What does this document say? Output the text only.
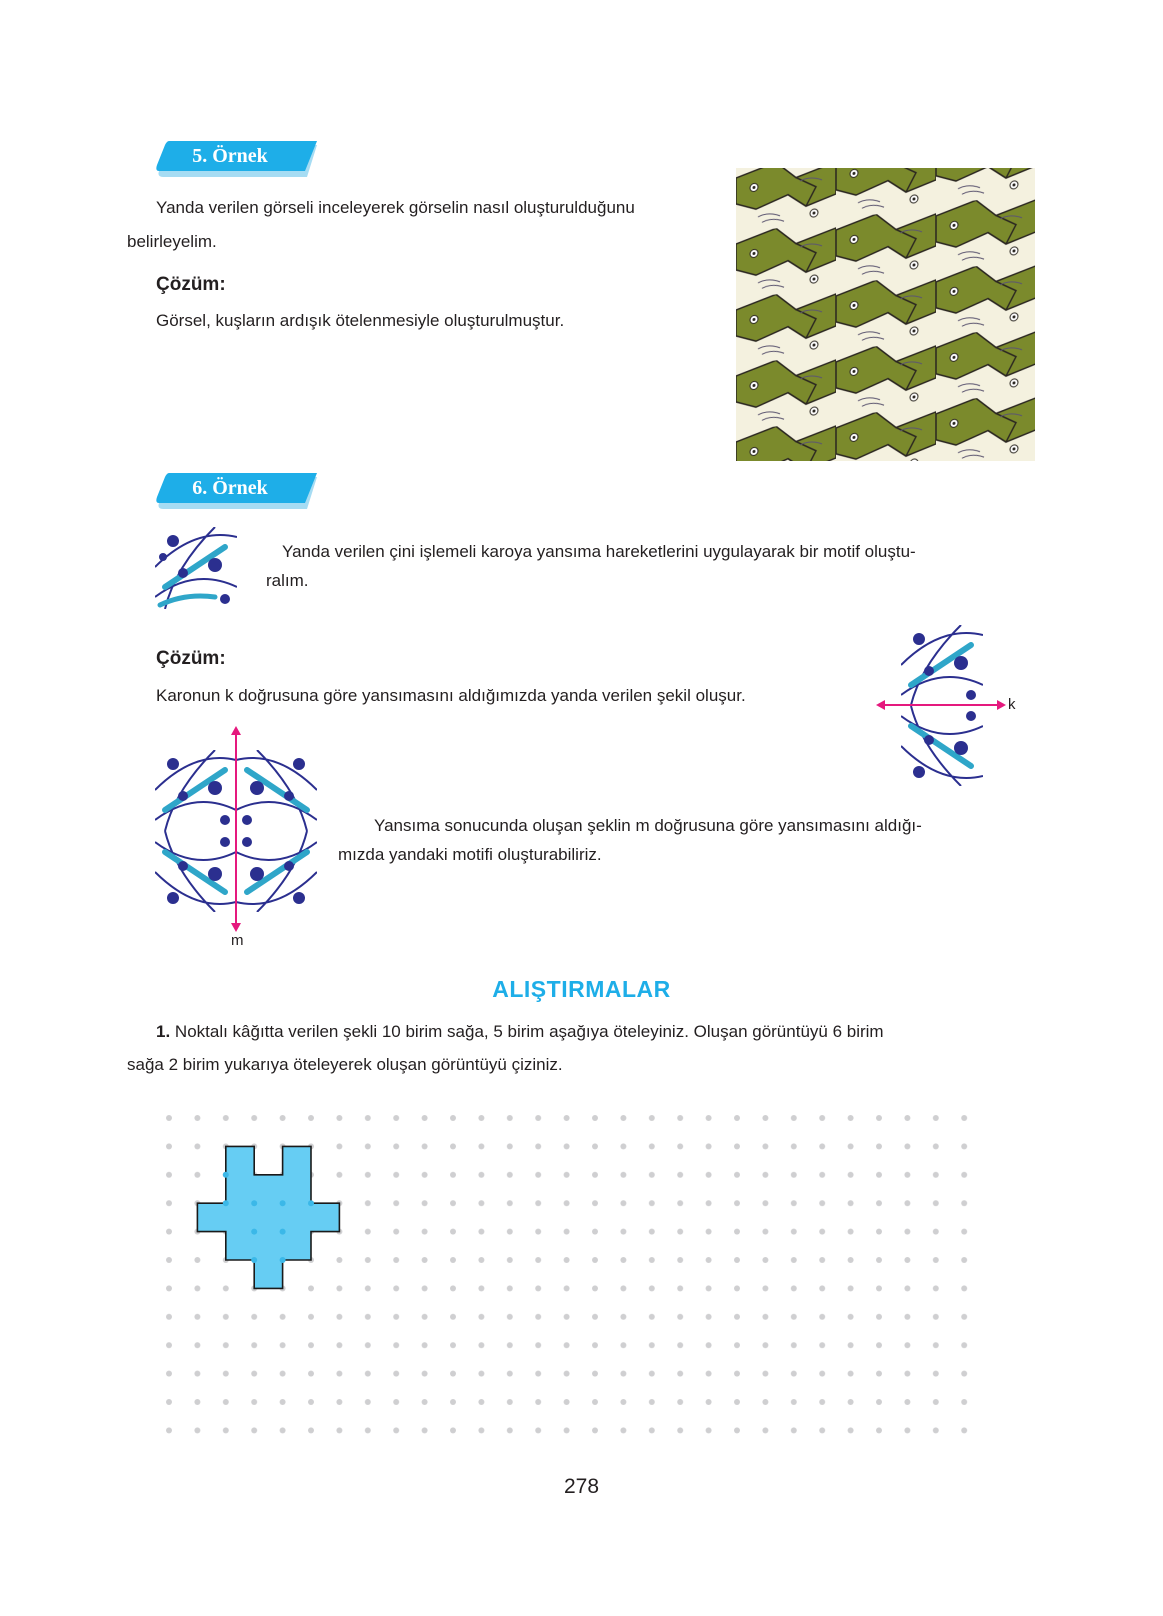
5. Örnek
Yanda verilen görseli inceleyerek görselin nasıl oluşturulduğunu
belirleyelim.
Çözüm:
Görsel, kuşların ardışık ötelenmesiyle oluşturulmuştur.
6. Örnek
Yanda verilen çini işlemeli karoya yansıma hareketlerini uygulayarak bir motif oluştu-
ralım.
Çözüm:
Karonun k doğrusuna göre yansımasını aldığımızda yanda verilen şekil oluşur.	k
m
Yansıma sonucunda oluşan şeklin m doğrusuna göre yansımasını aldığı-
mızda yandaki motifi oluşturabiliriz.
ALIŞTIRMALAR
1. Noktalı kâğıtta verilen şekli 10 birim sağa, 5 birim aşağıya öteleyiniz. Oluşan görüntüyü 6 birim
sağa 2 birim yukarıya öteleyerek oluşan görüntüyü çiziniz.
278
